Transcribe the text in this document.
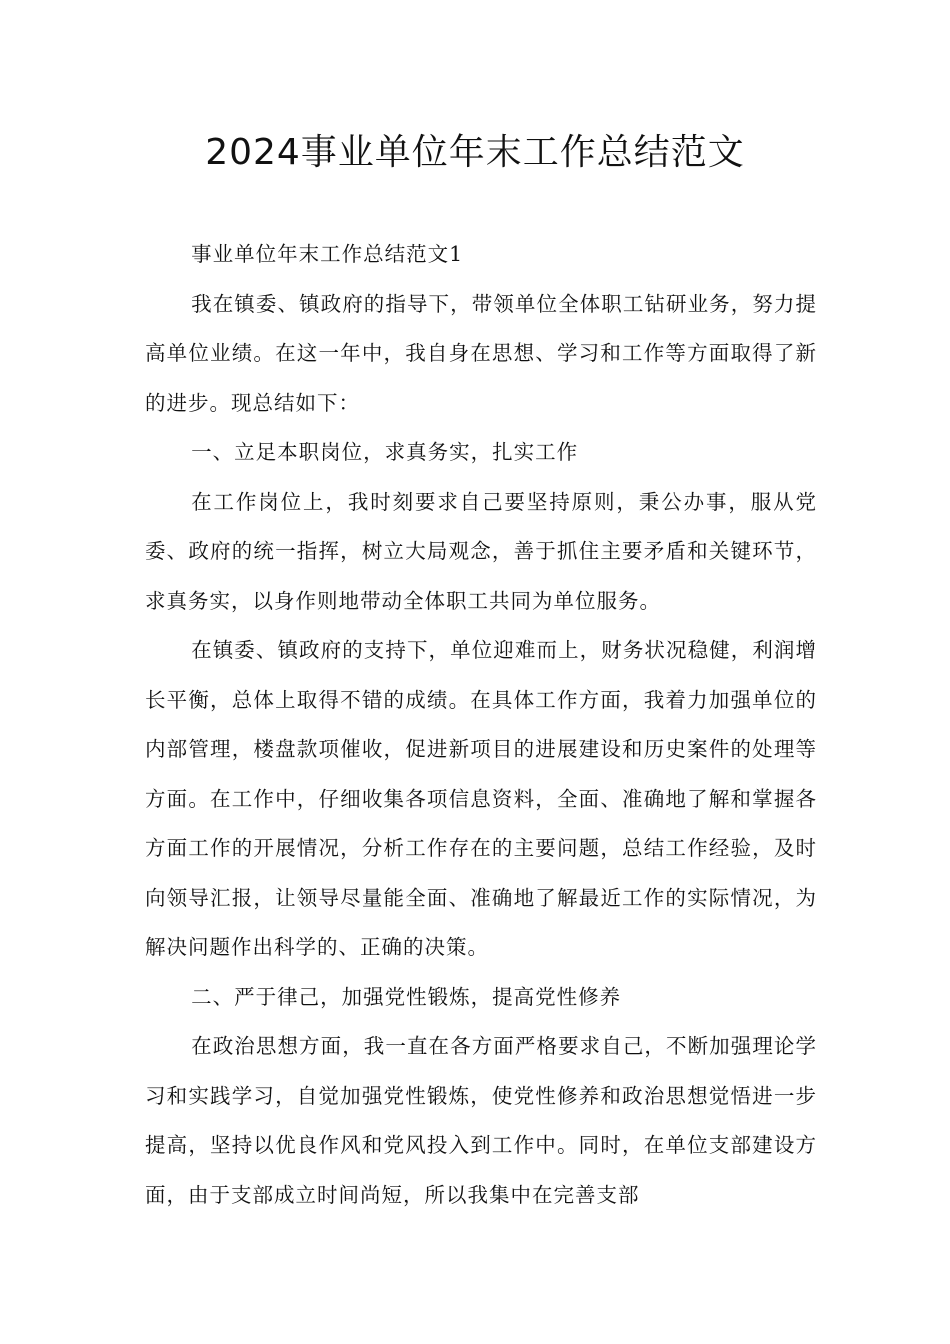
2024事业单位年末工作总结范文

事业单位年末工作总结范文1

我在镇委、镇政府的指导下，带领单位全体职工钻研业务，努力提高单位业绩。在这一年中，我自身在思想、学习和工作等方面取得了新的进步。现总结如下：

一、立足本职岗位，求真务实，扎实工作

在工作岗位上，我时刻要求自己要坚持原则，秉公办事，服从党委、政府的统一指挥，树立大局观念，善于抓住主要矛盾和关键环节，求真务实，以身作则地带动全体职工共同为单位服务。

在镇委、镇政府的支持下，单位迎难而上，财务状况稳健，利润增长平衡，总体上取得不错的成绩。在具体工作方面，我着力加强单位的内部管理，楼盘款项催收，促进新项目的进展建设和历史案件的处理等方面。在工作中，仔细收集各项信息资料，全面、准确地了解和掌握各方面工作的开展情况，分析工作存在的主要问题，总结工作经验，及时向领导汇报，让领导尽量能全面、准确地了解最近工作的实际情况，为解决问题作出科学的、正确的决策。

二、严于律己，加强党性锻炼，提高党性修养

在政治思想方面，我一直在各方面严格要求自己，不断加强理论学习和实践学习，自觉加强党性锻炼，使党性修养和政治思想觉悟进一步提高，坚持以优良作风和党风投入到工作中。同时，在单位支部建设方面，由于支部成立时间尚短，所以我集中在完善支部
